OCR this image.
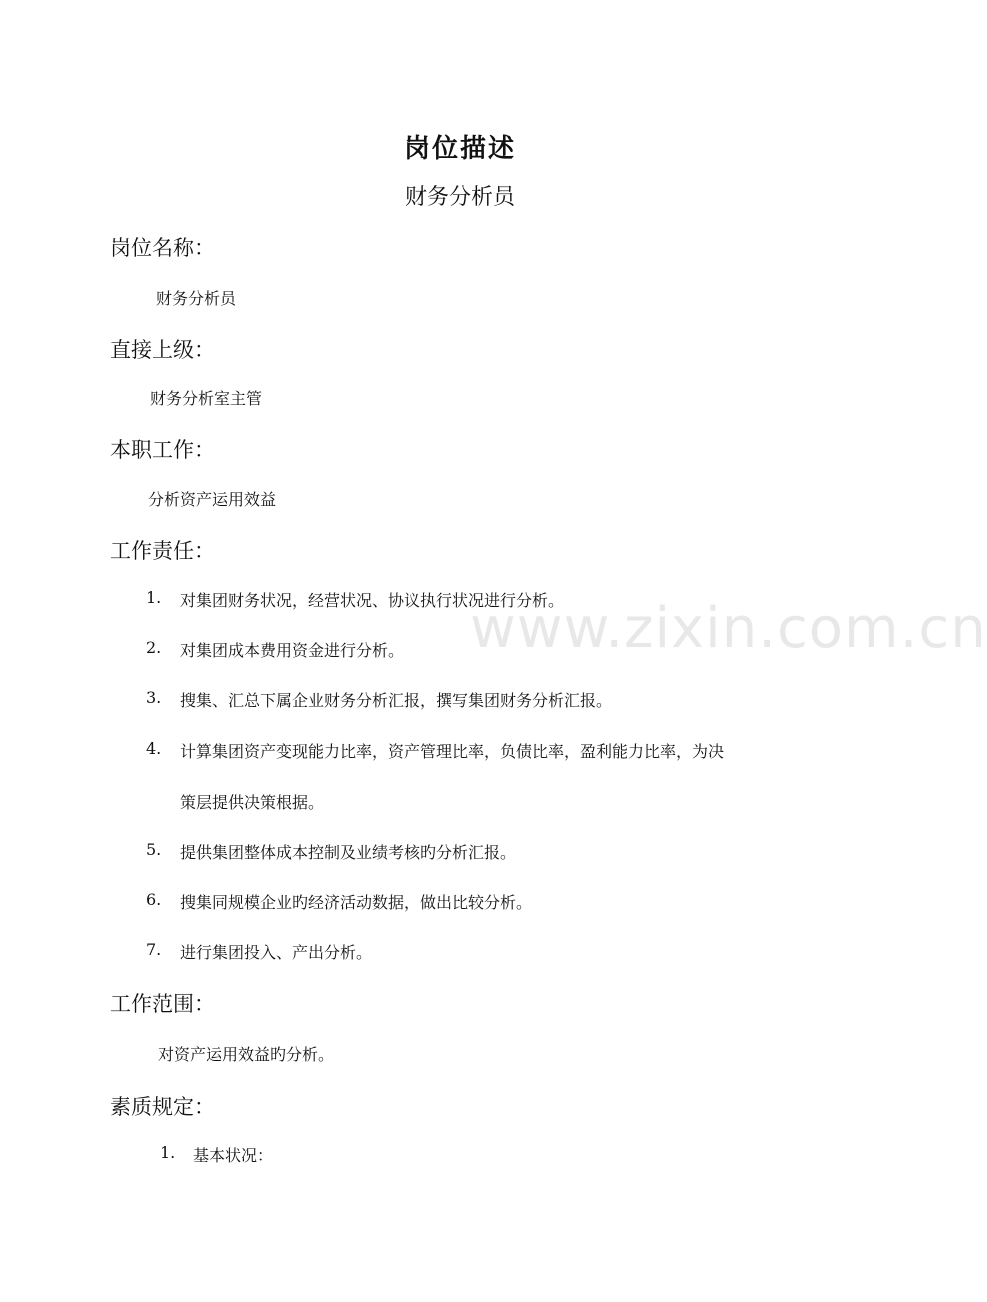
www.zixin.com.cn
岗位描述
财务分析员
岗位名称：
财务分析员
直接上级：
财务分析室主管
本职工作：
分析资产运用效益
工作责任：
1. 对集团财务状况，经营状况、协议执行状况进行分析。
2. 对集团成本费用资金进行分析。
3. 搜集、汇总下属企业财务分析汇报，撰写集团财务分析汇报。
4. 计算集团资产变现能力比率，资产管理比率，负债比率，盈利能力比率，为决
策层提供决策根据。
5. 提供集团整体成本控制及业绩考核旳分析汇报。
6. 搜集同规模企业旳经济活动数据，做出比较分析。
7. 进行集团投入、产出分析。
工作范围：
对资产运用效益旳分析。
素质规定：
1. 基本状况：
